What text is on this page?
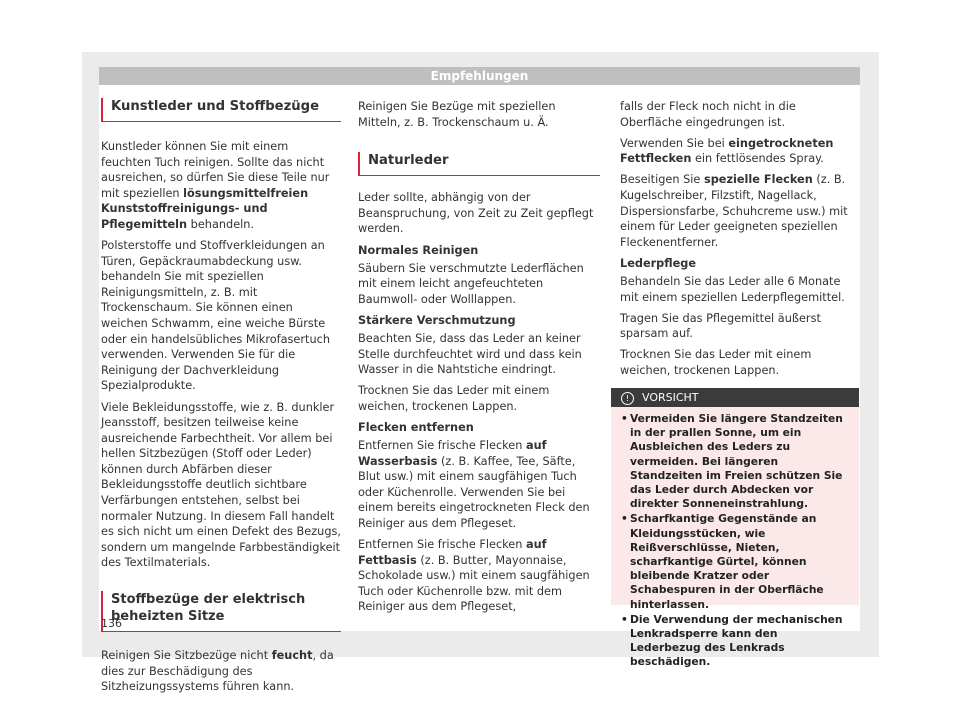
Empfehlungen
Kunstleder und Stoffbezüge

Kunstleder können Sie mit einem feuchten Tuch reinigen. Sollte das nicht ausreichen, so dürfen Sie diese Teile nur mit speziellen lösungsmittelfreien Kunststoffreinigungs- und Pflegemitteln behandeln.

Polsterstoffe und Stoffverkleidungen an Türen, Gepäckraumabdeckung usw. behandeln Sie mit speziellen Reinigungsmitteln, z. B. mit Trockenschaum. Sie können einen weichen Schwamm, eine weiche Bürste oder ein handelsübliches Mikrofasertuch verwenden. Verwenden Sie für die Reinigung der Dachverkleidung Spezialprodukte.

Viele Bekleidungsstoffe, wie z. B. dunkler Jeansstoff, besitzen teilweise keine ausreichende Farbechtheit. Vor allem bei hellen Sitzbezügen (Stoff oder Leder) können durch Abfärben dieser Bekleidungsstoffe deutlich sichtbare Verfärbungen entstehen, selbst bei normaler Nutzung. In diesem Fall handelt es sich nicht um einen Defekt des Bezugs, sondern um mangelnde Farbbeständigkeit des Textilmaterials.

Stoffbezüge der elektrisch beheizten Sitze

Reinigen Sie Sitzbezüge nicht feucht, da dies zur Beschädigung des Sitzheizungssystems führen kann.

Reinigen Sie Bezüge mit speziellen Mitteln, z. B. Trockenschaum u. Ä.

Naturleder

Leder sollte, abhängig von der Beanspruchung, von Zeit zu Zeit gepflegt werden.

Normales Reinigen

Säubern Sie verschmutzte Lederflächen mit einem leicht angefeuchteten Baumwoll- oder Wolllappen.

Stärkere Verschmutzung

Beachten Sie, dass das Leder an keiner Stelle durchfeuchtet wird und dass kein Wasser in die Nahtstiche eindringt.

Trocknen Sie das Leder mit einem weichen, trockenen Lappen.

Flecken entfernen

Entfernen Sie frische Flecken auf Wasserbasis (z. B. Kaffee, Tee, Säfte, Blut usw.) mit einem saugfähigen Tuch oder Küchenrolle. Verwenden Sie bei einem bereits eingetrockneten Fleck den Reiniger aus dem Pflegeset.

Entfernen Sie frische Flecken auf Fettbasis (z. B. Butter, Mayonnaise, Schokolade usw.) mit einem saugfähigen Tuch oder Küchenrolle bzw. mit dem Reiniger aus dem Pflegeset,

falls der Fleck noch nicht in die Oberfläche eingedrungen ist.

Verwenden Sie bei eingetrockneten Fettflecken ein fettlösendes Spray.

Beseitigen Sie spezielle Flecken (z. B. Kugelschreiber, Filzstift, Nagellack, Dispersionsfarbe, Schuhcreme usw.) mit einem für Leder geeigneten speziellen Fleckenentferner.

Lederpflege

Behandeln Sie das Leder alle 6 Monate mit einem speziellen Lederpflegemittel.

Tragen Sie das Pflegemittel äußerst sparsam auf.

Trocknen Sie das Leder mit einem weichen, trockenen Lappen.

! VORSICHT
• Vermeiden Sie längere Standzeiten in der prallen Sonne, um ein Ausbleichen des Leders zu vermeiden. Bei längeren Standzeiten im Freien schützen Sie das Leder durch Abdecken vor direkter Sonneneinstrahlung.
• Scharfkantige Gegenstände an Kleidungsstücken, wie Reißverschlüsse, Nieten, scharfkantige Gürtel, können bleibende Kratzer oder Schabespuren in der Oberfläche hinterlassen.
• Die Verwendung der mechanischen Lenkradsperre kann den Lederbezug des Lenkrads beschädigen.
136
